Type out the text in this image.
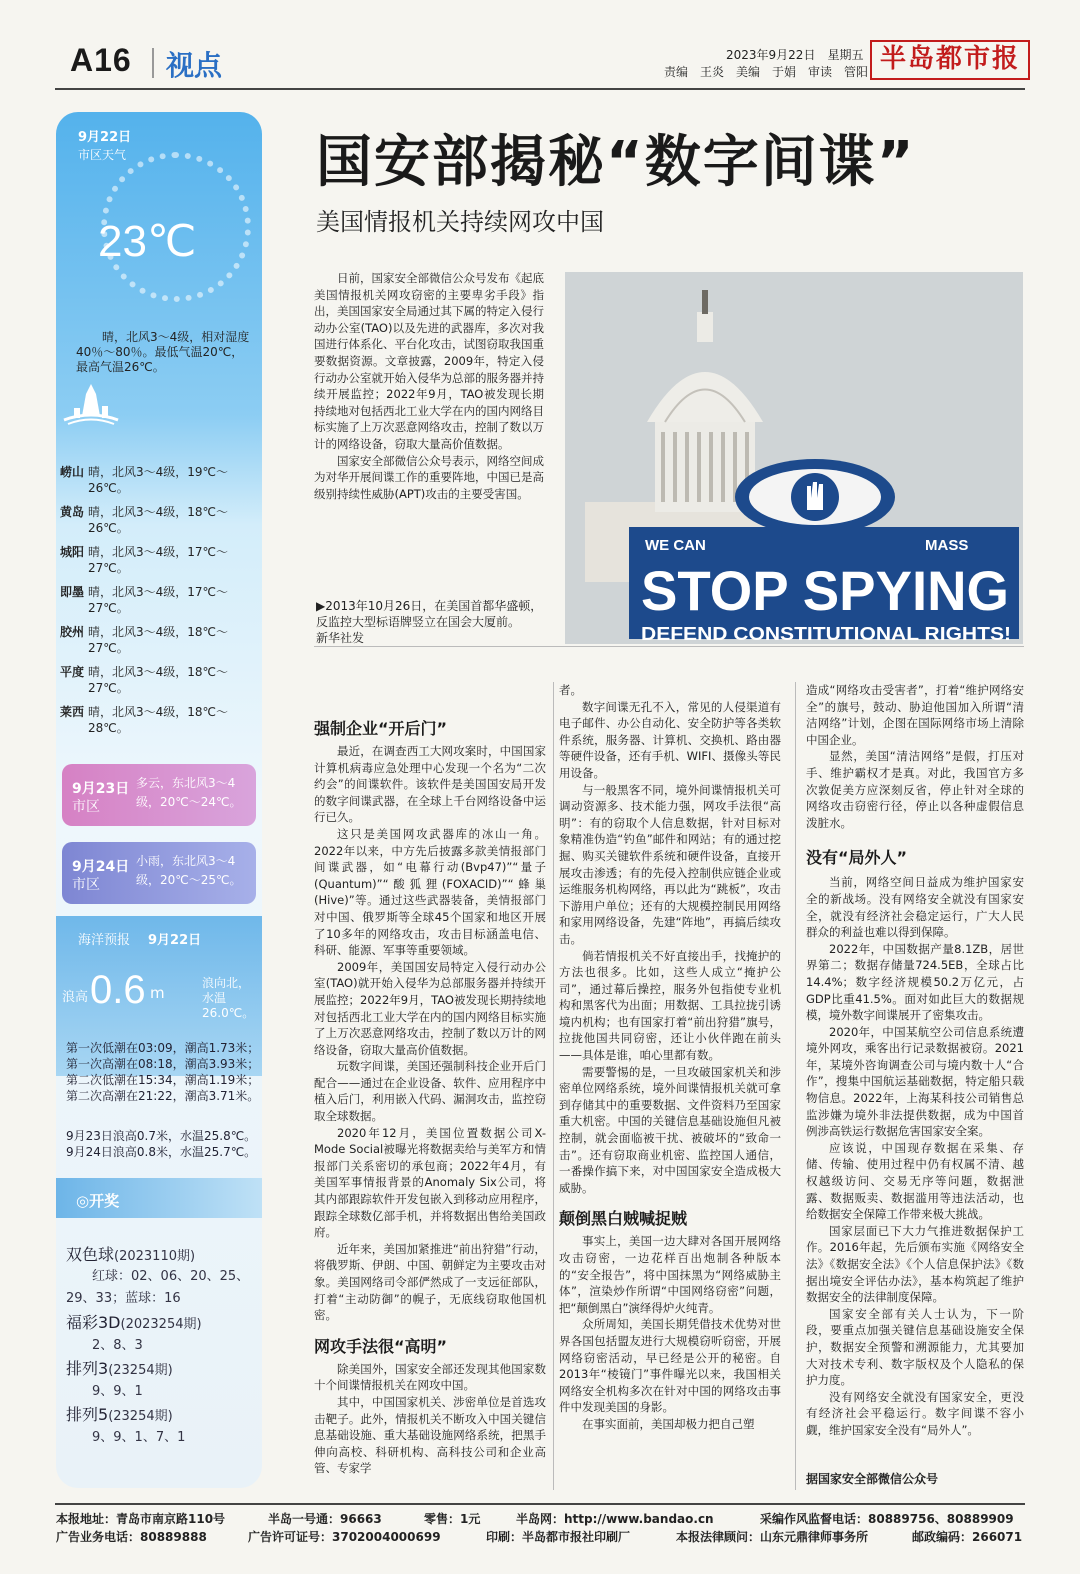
A16 视点	2023年9月22日　星期五
责编　王炎　美编　于娟　审读　管阳 半岛都市报
9月22日
市区天气
23℃
晴，北风3～4级，相对湿度40％～80％。最低气温20℃，最高气温26℃。
崂山 晴，北风3～4级，19℃～26℃。
黄岛 晴，北风3～4级，18℃～26℃。
城阳 晴，北风3～4级，17℃～27℃。
即墨 晴，北风3～4级，17℃～27℃。
胶州 晴，北风3～4级，18℃～27℃。
平度 晴，北风3～4级，18℃～27℃。
莱西 晴，北风3～4级，18℃～28℃。
9月23日
市区
多云，东北风3～4级，20℃～24℃。
9月24日
市区
小雨，东北风3～4级，20℃～25℃。
海洋预报 9月22日
浪高 0.6 m
浪向北，水温26.0℃。
第一次低潮在03:09，潮高1.73米；
第一次高潮在08:18，潮高3.93米；
第二次低潮在15:34，潮高1.19米；
第二次高潮在21:22，潮高3.71米。
9月23日浪高0.7米，水温25.8℃。
9月24日浪高0.8米，水温25.7℃。
◎开奖
双色球(2023110期)
红球：02、06、20、25、29、33；蓝球：16
福彩3D(2023254期)
2、8、3
排列3(23254期)
9、9、1
排列5(23254期)
9、9、1、7、1
国安部揭秘“数字间谍”
美国情报机关持续网攻中国

日前，国家安全部微信公众号发布《起底美国情报机关网攻窃密的主要卑劣手段》指出，美国国家安全局通过其下属的特定入侵行动办公室(TAO)以及先进的武器库，多次对我国进行体系化、平台化攻击，试图窃取我国重要数据资源。文章披露，2009年，特定入侵行动办公室就开始入侵华为总部的服务器并持续开展监控；2022年9月，TAO被发现长期持续地对包括西北工业大学在内的国内网络目标实施了上万次恶意网络攻击，控制了数以万计的网络设备，窃取大量高价值数据。

国家安全部微信公众号表示，网络空间成为对华开展间谍工作的重要阵地，中国已是高级别持续性威胁(APT)攻击的主要受害国。

WE CAN	MASS
STOP SPYING
DEFEND CONSTITUTIONAL RIGHTS!
▶2013年10月26日，在美国首都华盛顿，反监控大型标语牌竖立在国会大厦前。　　新华社发
强制企业“开后门”

最近，在调查西工大网攻案时，中国国家计算机病毒应急处理中心发现一个名为“二次约会”的间谍软件。该软件是美国国安局开发的数字间谍武器，在全球上千台网络设备中运行已久。

这只是美国网攻武器库的冰山一角。2022年以来，中方先后披露多款美情报部门间谍武器，如“电幕行动(Bvp47)”“量子(Quantum)”“酸狐狸(FOXACID)”“蜂巢(Hive)”等。通过这些武器装备，美情报部门对中国、俄罗斯等全球45个国家和地区开展了10多年的网络攻击，攻击目标涵盖电信、科研、能源、军事等重要领域。

2009年，美国国安局特定入侵行动办公室(TAO)就开始入侵华为总部服务器并持续开展监控；2022年9月，TAO被发现长期持续地对包括西北工业大学在内的国内网络目标实施了上万次恶意网络攻击，控制了数以万计的网络设备，窃取大量高价值数据。

玩数字间谍，美国还强制科技企业开后门配合——通过在企业设备、软件、应用程序中植入后门，利用嵌入代码、漏洞攻击，监控窃取全球数据。

2020年12月，美国位置数据公司X-Mode Social被曝光将数据卖给与美军方和情报部门关系密切的承包商；2022年4月，有美国军事情报背景的Anomaly Six公司，将其内部跟踪软件开发包嵌入到移动应用程序，跟踪全球数亿部手机，并将数据出售给美国政府。

近年来，美国加紧推进“前出狩猎”行动，将俄罗斯、伊朗、中国、朝鲜定为主要攻击对象。美国网络司令部俨然成了一支远征部队，打着“主动防御”的幌子，无底线窃取他国机密。

网攻手法很“高明”

除美国外，国家安全部还发现其他国家数十个间谍情报机关在网攻中国。

其中，中国国家机关、涉密单位是首选攻击靶子。此外，情报机关不断攻入中国关键信息基础设施、重大基础设施网络系统，把黑手伸向高校、科研机构、高科技公司和企业高管、专家学

者。

数字间谍无孔不入，常见的人侵渠道有电子邮件、办公自动化、安全防护等各类软件系统，服务器、计算机、交换机、路由器等硬件设备，还有手机、WIFI、摄像头等民用设备。

与一般黑客不同，境外间谍情报机关可调动资源多、技术能力强，网攻手法很“高明”：有的窃取个人信息数据，针对目标对象精准伪造“钓鱼”邮件和网站；有的通过挖掘、购买关键软件系统和硬件设备，直接开展攻击渗透；有的先侵入控制供应链企业或运维服务机构网络，再以此为“跳板”，攻击下游用户单位；还有的大规模控制民用网络和家用网络设备，先建“阵地”，再搞后续攻击。

倘若情报机关不好直接出手，找掩护的方法也很多。比如，这些人成立“掩护公司”，通过幕后操控，服务外包指使专业机构和黑客代为出面；用数据、工具拉拢引诱境内机构；也有国家打着“前出狩猎”旗号，拉拢他国共同窃密，还让小伙伴跑在前头——具体是谁，咱心里都有数。

需要警惕的是，一旦攻破国家机关和涉密单位网络系统，境外间谍情报机关就可拿到存储其中的重要数据、文件资料乃至国家重大机密。中国的关键信息基础设施但凡被控制，就会面临被干扰、被破坏的“致命一击”。还有窃取商业机密、监控国人通信，一番操作搞下来，对中国国家安全造成极大威胁。

颠倒黑白贼喊捉贼

事实上，美国一边大肆对各国开展网络攻击窃密，一边花样百出炮制各种版本的“安全报告”，将中国抹黑为“网络威胁主体”，渲染炒作所谓“中国网络窃密”问题，把“颠倒黑白”演绎得炉火纯青。

众所周知，美国长期凭借技术优势对世界各国包括盟友进行大规模窃听窃密，开展网络窃密活动，早已经是公开的秘密。自2013年“棱镜门”事件曝光以来，我国相关网络安全机构多次在针对中国的网络攻击事件中发现美国的身影。

在事实面前，美国却极力把自己塑

造成“网络攻击受害者”，打着“维护网络安全”的旗号，鼓动、胁迫他国加入所谓“清洁网络”计划，企图在国际网络市场上清除中国企业。

显然，美国“清洁网络”是假，打压对手、维护霸权才是真。对此，我国官方多次敦促美方应深刻反省，停止针对全球的网络攻击窃密行径，停止以各种虚假信息泼脏水。

没有“局外人”

当前，网络空间日益成为维护国家安全的新战场。没有网络安全就没有国家安全，就没有经济社会稳定运行，广大人民群众的利益也难以得到保障。

2022年，中国数据产量8.1ZB，居世界第二；数据存储量724.5EB，全球占比14.4%；数字经济规模50.2万亿元，占GDP比重41.5%。面对如此巨大的数据规模，境外数字间谍展开了密集攻击。

2020年，中国某航空公司信息系统遭境外网攻，乘客出行记录数据被窃。2021年，某境外咨询调查公司与境内数十人“合作”，搜集中国航运基础数据，特定船只载物信息。2022年，上海某科技公司销售总监涉嫌为境外非法提供数据，成为中国首例涉高铁运行数据危害国家安全案。

应该说，中国现存数据在采集、存储、传输、使用过程中仍有权属不清、越权越级访问、交易无序等问题，数据泄露、数据贩卖、数据滥用等违法活动，也给数据安全保障工作带来极大挑战。

国家层面已下大力气推进数据保护工作。2016年起，先后颁布实施《网络安全法》《数据安全法》《个人信息保护法》《数据出境安全评估办法》，基本构筑起了维护数据安全的法律制度保障。

国家安全部有关人士认为，下一阶段，要重点加强关键信息基础设施安全保护，数据安全预警和溯源能力，尤其要加大对技术专利、数字版权及个人隐私的保护力度。

没有网络安全就没有国家安全，更没有经济社会平稳运行。数字间谍不容小觑，维护国家安全没有“局外人”。

据国家安全部微信公众号
本报地址：青岛市南京路110号	半岛一号通：96663	零售：1元	半岛网：http://www.bandao.cn	采编作风监督电话：80889756、80889909
广告业务电话：80889888	广告许可证号：3702004000699	印刷：半岛都市报社印刷厂	本报法律顾问：山东元鼎律师事务所	邮政编码：266071
